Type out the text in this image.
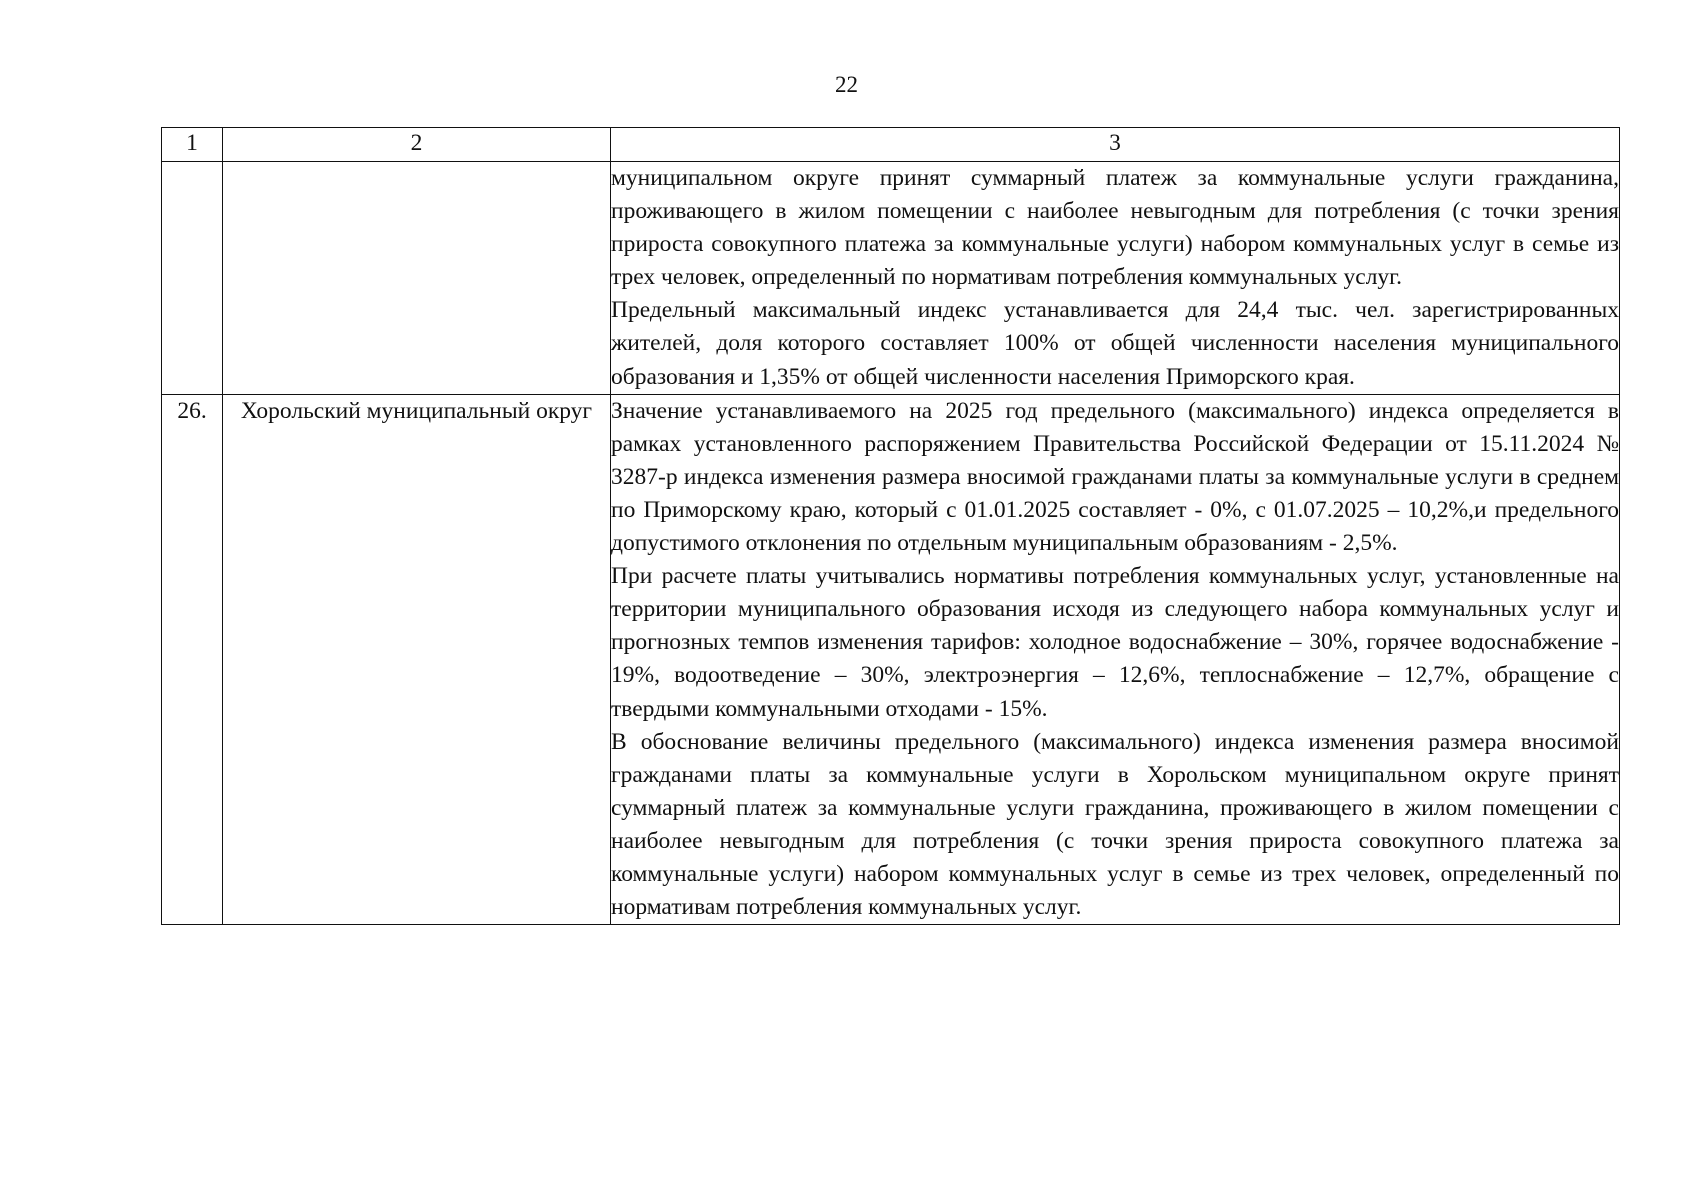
22
1	2	3

		муниципальном округе принят суммарный платеж за коммунальные услуги гражданина, проживающего в жилом помещении с наиболее невыгодным для потребления (с точки зрения прироста совокупного платежа за коммунальные услуги) набором коммунальных услуг в семье из трех человек, определенный по нормативам потребления коммунальных услуг.

Предельный максимальный индекс устанавливается для 24,4 тыс. чел. зарегистрированных жителей, доля которого составляет 100% от общей численности населения муниципального образования и 1,35% от общей численности населения Приморского края.

26.	Хорольский муниципальный округ	Значение устанавливаемого на 2025 год предельного (максимального) индекса определяется в рамках установленного распоряжением Правительства Российской Федерации от 15.11.2024 № 3287-р индекса изменения размера вносимой гражданами платы за коммунальные услуги в среднем по Приморскому краю, который с 01.01.2025 составляет - 0%, с 01.07.2025 – 10,2%,и предельного допустимого отклонения по отдельным муниципальным образованиям - 2,5%.

При расчете платы учитывались нормативы потребления коммунальных услуг, установленные на территории муниципального образования исходя из следующего набора коммунальных услуг и прогнозных темпов изменения тарифов: холодное водоснабжение – 30%, горячее водоснабжение - 19%, водоотведение – 30%, электроэнергия – 12,6%, теплоснабжение – 12,7%, обращение с твердыми коммунальными отходами - 15%.

В обоснование величины предельного (максимального) индекса изменения размера вносимой гражданами платы за коммунальные услуги в Хорольском муниципальном округе принят суммарный платеж за коммунальные услуги гражданина, проживающего в жилом помещении с наиболее невыгодным для потребления (с точки зрения прироста совокупного платежа за коммунальные услуги) набором коммунальных услуг в семье из трех человек, определенный по нормативам потребления коммунальных услуг.
